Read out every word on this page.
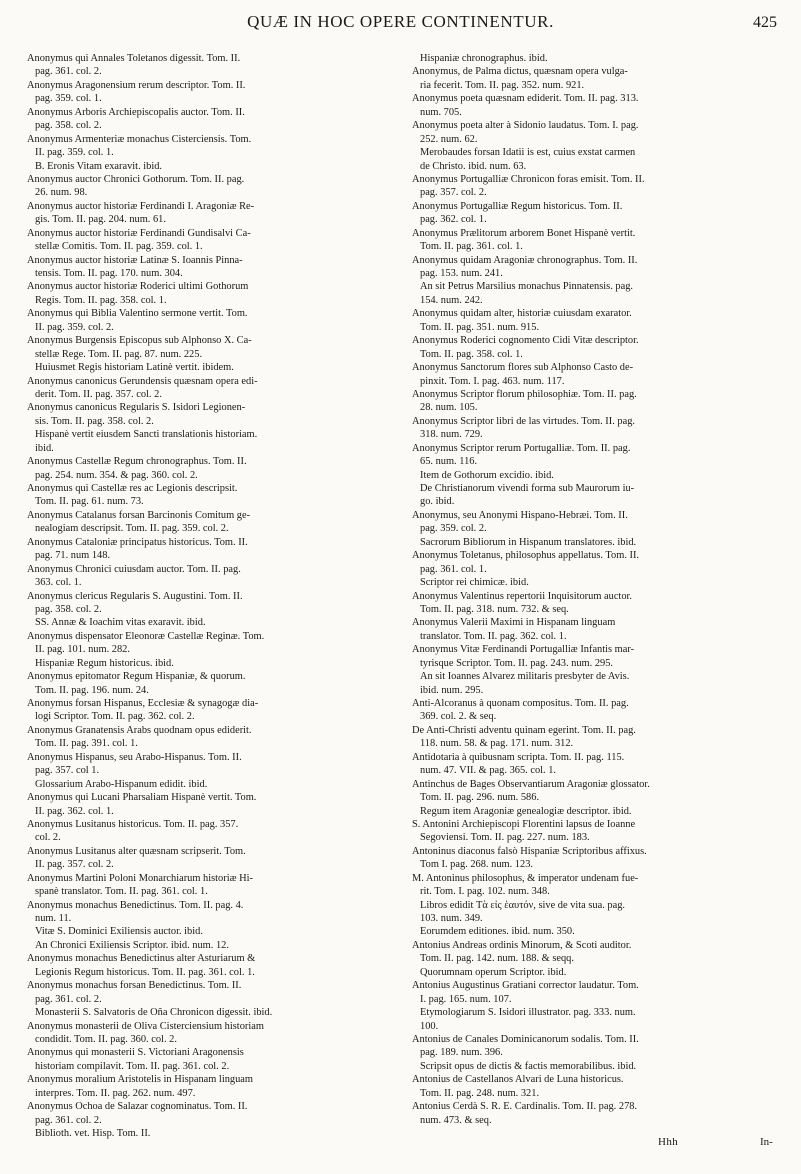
QUÆ IN HOC OPERE CONTINENTUR.	425
Anonymus qui Annales Toletanos digessit. Tom. II.
pag. 361. col. 2.
Anonymus Aragonensium rerum descriptor. Tom. II.
pag. 359. col. 1.
Anonymus Arboris Archiepiscopalis auctor. Tom. II.
pag. 358. col. 2.
Anonymus Armenteriæ monachus Cisterciensis. Tom.
II. pag. 359. col. 1.
B. Eronis Vitam exaravit. ibid.
Anonymus auctor Chronici Gothorum. Tom. II. pag.
26. num. 98.
Anonymus auctor historiæ Ferdinandi I. Aragoniæ Re-
gis. Tom. II. pag. 204. num. 61.
Anonymus auctor historiæ Ferdinandi Gundisalvi Ca-
stellæ Comitis. Tom. II. pag. 359. col. 1.
Anonymus auctor historiæ Latinæ S. Ioannis Pinna-
tensis. Tom. II. pag. 170. num. 304.
Anonymus auctor historiæ Roderici ultimi Gothorum
Regis. Tom. II. pag. 358. col. 1.
Anonymus qui Biblia Valentino sermone vertit. Tom.
II. pag. 359. col. 2.
Anonymus Burgensis Episcopus sub Alphonso X. Ca-
stellæ Rege. Tom. II. pag. 87. num. 225.
Huiusmet Regis historiam Latinè vertit. ibidem.
Anonymus canonicus Gerundensis quæsnam opera edi-
derit. Tom. II. pag. 357. col. 2.
Anonymus canonicus Regularis S. Isidori Legionen-
sis. Tom. II. pag. 358. col. 2.
Hispanè vertit eiusdem Sancti translationis historiam.
ibid.
Anonymus Castellæ Regum chronographus. Tom. II.
pag. 254. num. 354. & pag. 360. col. 2.
Anonymus qui Castellæ res ac Legionis descripsit.
Tom. II. pag. 61. num. 73.
Anonymus Catalanus forsan Barcinonis Comitum ge-
nealogiam descripsit. Tom. II. pag. 359. col. 2.
Anonymus Cataloniæ principatus historicus. Tom. II.
pag. 71. num 148.
Anonymus Chronici cuiusdam auctor. Tom. II. pag.
363. col. 1.
Anonymus clericus Regularis S. Augustini. Tom. II.
pag. 358. col. 2.
SS. Annæ & Ioachim vitas exaravit. ibid.
Anonymus dispensator Eleonoræ Castellæ Reginæ. Tom.
II. pag. 101. num. 282.
Hispaniæ Regum historicus. ibid.
Anonymus epitomator Regum Hispaniæ, & quorum.
Tom. II. pag. 196. num. 24.
Anonymus forsan Hispanus, Ecclesiæ & synagogæ dia-
logi Scriptor. Tom. II. pag. 362. col. 2.
Anonymus Granatensis Arabs quodnam opus ediderit.
Tom. II. pag. 391. col. 1.
Anonymus Hispanus, seu Arabo-Hispanus. Tom. II.
pag. 357. col 1.
Glossarium Arabo-Hispanum edidit. ibid.
Anonymus qui Lucani Pharsaliam Hispanè vertit. Tom.
II. pag. 362. col. 1.
Anonymus Lusitanus historicus. Tom. II. pag. 357.
col. 2.
Anonymus Lusitanus alter quæsnam scripserit. Tom.
II. pag. 357. col. 2.
Anonymus Martini Poloni Monarchiarum historiæ Hi-
spanè translator. Tom. II. pag. 361. col. 1.
Anonymus monachus Benedictinus. Tom. II. pag. 4.
num. 11.
Vitæ S. Dominici Exiliensis auctor. ibid.
An Chronici Exiliensis Scriptor. ibid. num. 12.
Anonymus monachus Benedictinus alter Asturiarum &
Legionis Regum historicus. Tom. II. pag. 361. col. 1.
Anonymus monachus forsan Benedictinus. Tom. II.
pag. 361. col. 2.
Monasterii S. Salvatoris de Oña Chronicon digessit. ibid.
Anonymus monasterii de Oliva Cisterciensium historiam
condidit. Tom. II. pag. 360. col. 2.
Anonymus qui monasterii S. Victoriani Aragonensis
historiam compilavit. Tom. II. pag. 361. col. 2.
Anonymus moralium Aristotelis in Hispanam linguam
interpres. Tom. II. pag. 262. num. 497.
Anonymus Ochoa de Salazar cognominatus. Tom. II.
pag. 361. col. 2.
Biblioth. vet. Hisp. Tom. II.
Hispaniæ chronographus. ibid.
Anonymus, de Palma dictus, quæsnam opera vulga-
ria fecerit. Tom. II. pag. 352. num. 921.
Anonymus poeta quæsnam ediderit. Tom. II. pag. 313.
num. 705.
Anonymus poeta alter à Sidonio laudatus. Tom. I. pag.
252. num. 62.
Merobaudes forsan Idatii is est, cuius exstat carmen
de Christo. ibid. num. 63.
Anonymus Portugalliæ Chronicon foras emisit. Tom. II.
pag. 357. col. 2.
Anonymus Portugalliæ Regum historicus. Tom. II.
pag. 362. col. 1.
Anonymus Prælitorum arborem Bonet Hispanè vertit.
Tom. II. pag. 361. col. 1.
Anonymus quidam Aragoniæ chronographus. Tom. II.
pag. 153. num. 241.
An sit Petrus Marsilius monachus Pinnatensis. pag.
154. num. 242.
Anonymus quidam alter, historiæ cuiusdam exarator.
Tom. II. pag. 351. num. 915.
Anonymus Roderici cognomento Cidi Vitæ descriptor.
Tom. II. pag. 358. col. 1.
Anonymus Sanctorum flores sub Alphonso Casto de-
pinxit. Tom. I. pag. 463. num. 117.
Anonymus Scriptor florum philosophiæ. Tom. II. pag.
28. num. 105.
Anonymus Scriptor libri de las virtudes. Tom. II. pag.
318. num. 729.
Anonymus Scriptor rerum Portugalliæ. Tom. II. pag.
65. num. 116.
Item de Gothorum excidio. ibid.
De Christianorum vivendi forma sub Maurorum iu-
go. ibid.
Anonymus, seu Anonymi Hispano-Hebræi. Tom. II.
pag. 359. col. 2.
Sacrorum Bibliorum in Hispanum translatores. ibid.
Anonymus Toletanus, philosophus appellatus. Tom. II.
pag. 361. col. 1.
Scriptor rei chimicæ. ibid.
Anonymus Valentinus repertorii Inquisitorum auctor.
Tom. II. pag. 318. num. 732. & seq.
Anonymus Valerii Maximi in Hispanam linguam
translator. Tom. II. pag. 362. col. 1.
Anonymus Vitæ Ferdinandi Portugalliæ Infantis mar-
tyrisque Scriptor. Tom. II. pag. 243. num. 295.
An sit Ioannes Alvarez militaris presbyter de Avis.
ibid. num. 295.
Anti-Alcoranus à quonam compositus. Tom. II. pag.
369. col. 2. & seq.
De Anti-Christi adventu quinam egerint. Tom. II. pag.
118. num. 58. & pag. 171. num. 312.
Antidotaria à quibusnam scripta. Tom. II. pag. 115.
num. 47. VII. & pag. 365. col. 1.
Antinchus de Bages Observantiarum Aragoniæ glossator.
Tom. II. pag. 296. num. 586.
Regum item Aragoniæ genealogiæ descriptor. ibid.
S. Antonini Archiepiscopi Florentini lapsus de Ioanne
Segoviensi. Tom. II. pag. 227. num. 183.
Antoninus diaconus falsò Hispaniæ Scriptoribus affixus.
Tom I. pag. 268. num. 123.
M. Antoninus philosophus, & imperator undenam fue-
rit. Tom. I. pag. 102. num. 348.
Libros edidit Τὰ εἰς ἑαυτόν, sive de vita sua. pag.
103. num. 349.
Eorumdem editiones. ibid. num. 350.
Antonius Andreas ordinis Minorum, & Scoti auditor.
Tom. II. pag. 142. num. 188. & seqq.
Quorumnam operum Scriptor. ibid.
Antonius Augustinus Gratiani corrector laudatur. Tom.
I. pag. 165. num. 107.
Etymologiarum S. Isidori illustrator. pag. 333. num.
100.
Antonius de Canales Dominicanorum sodalis. Tom. II.
pag. 189. num. 396.
Scripsit opus de dictis & factis memorabilibus. ibid.
Antonius de Castellanos Alvari de Luna historicus.
Tom. II. pag. 248. num. 321.
Antonius Cerdà S. R. E. Cardinalis. Tom. II. pag. 278.
num. 473. & seq.
Hhh	In-
